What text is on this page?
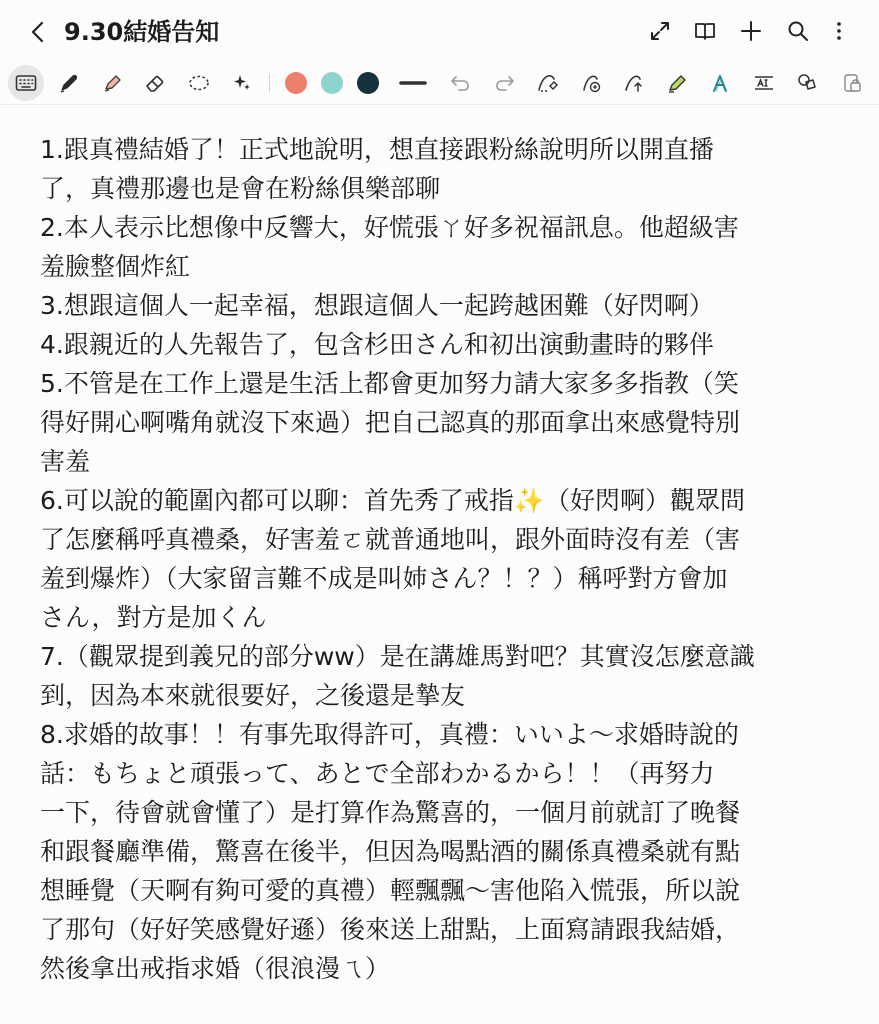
9.30結婚告知
1.跟真禮結婚了！正式地說明，想直接跟粉絲說明所以開直播
了，真禮那邊也是會在粉絲俱樂部聊
2.本人表示比想像中反響大，好慌張ㄚ好多祝福訊息。他超級害
羞臉整個炸紅
3.想跟這個人一起幸福，想跟這個人一起跨越困難（好閃啊）
4.跟親近的人先報告了，包含杉田さん和初出演動畫時的夥伴
5.不管是在工作上還是生活上都會更加努力請大家多多指教（笑
得好開心啊嘴角就沒下來過）把自己認真的那面拿出來感覺特別
害羞
6.可以說的範圍內都可以聊：首先秀了戒指✨（好閃啊）觀眾問
了怎麼稱呼真禮桑，好害羞ㄛ就普通地叫，跟外面時沒有差（害
羞到爆炸）（大家留言難不成是叫姉さん？！？）稱呼對方會加
さん，對方是加くん
7.（觀眾提到義兄的部分ww）是在講雄馬對吧？其實沒怎麼意識
到，因為本來就很要好，之後還是摯友
8.求婚的故事！！有事先取得許可，真禮：いいよ～求婚時說的
話：もちょと頑張って、あとで全部わかるから！！（再努力
一下，待會就會懂了）是打算作為驚喜的，一個月前就訂了晚餐
和跟餐廳準備，驚喜在後半，但因為喝點酒的關係真禮桑就有點
想睡覺（天啊有夠可愛的真禮）輕飄飄～害他陷入慌張，所以說
了那句（好好笑感覺好遜）後來送上甜點，上面寫請跟我結婚，
然後拿出戒指求婚（很浪漫ㄟ）
